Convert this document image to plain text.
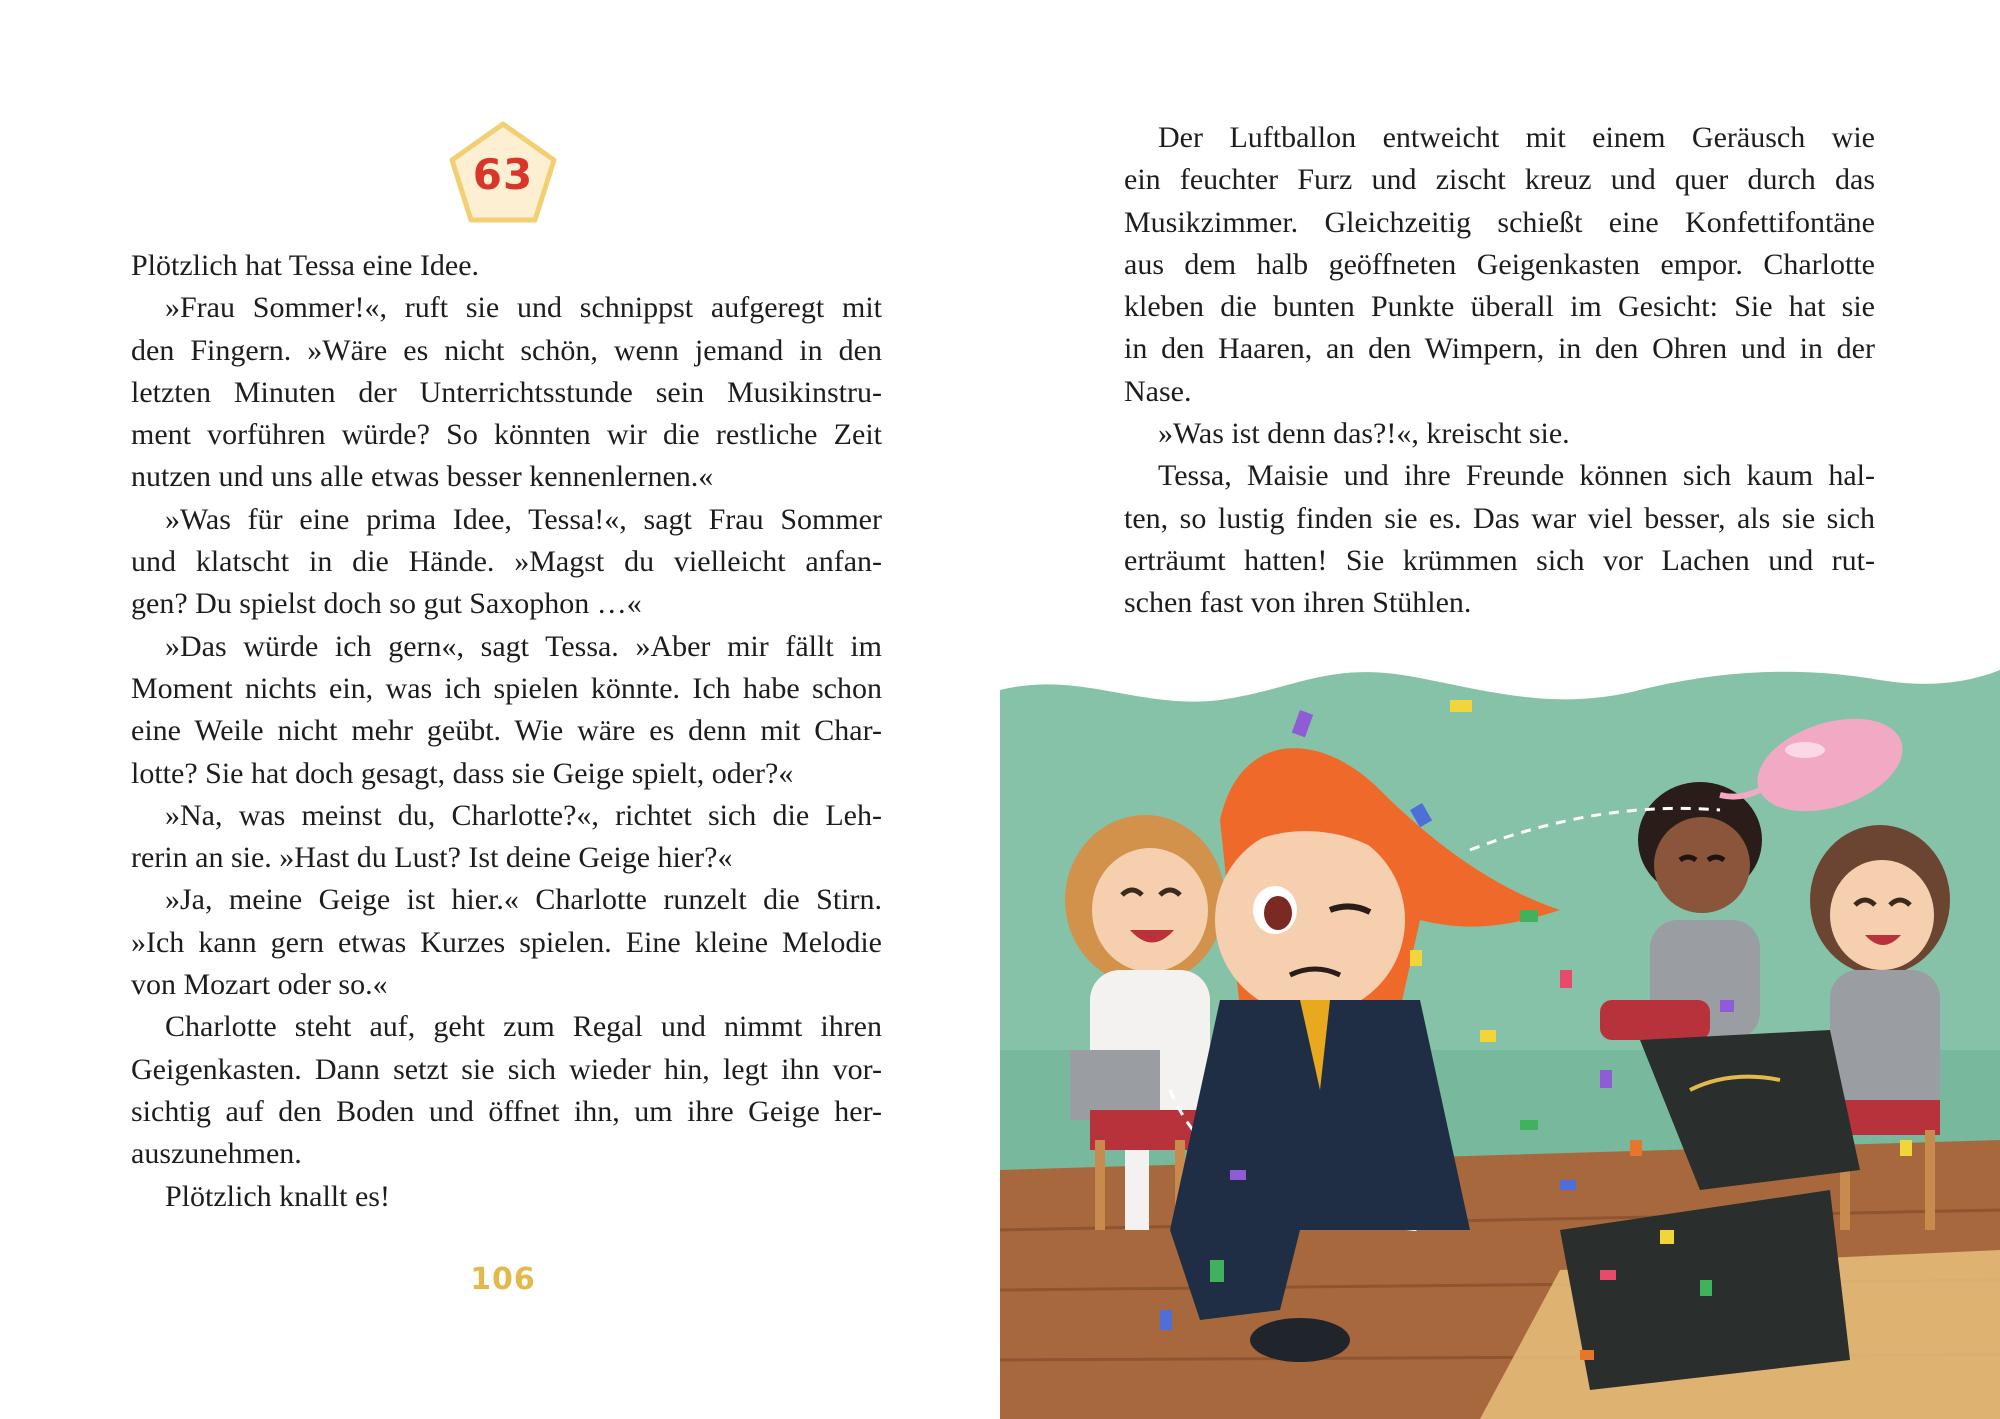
63
Plötzlich hat Tessa eine Idee.
»Frau Sommer!«, ruft sie und schnippst aufgeregt mit
den Fingern. »Wäre es nicht schön, wenn jemand in den
letzten Minuten der Unterrichtsstunde sein Musikinstru-
ment vorführen würde? So könnten wir die restliche Zeit
nutzen und uns alle etwas besser kennenlernen.«
»Was für eine prima Idee, Tessa!«, sagt Frau Sommer
und klatscht in die Hände. »Magst du vielleicht anfan-
gen? Du spielst doch so gut Saxophon …«
»Das würde ich gern«, sagt Tessa. »Aber mir fällt im
Moment nichts ein, was ich spielen könnte. Ich habe schon
eine Weile nicht mehr geübt. Wie wäre es denn mit Char-
lotte? Sie hat doch gesagt, dass sie Geige spielt, oder?«
»Na, was meinst du, Charlotte?«, richtet sich die Leh-
rerin an sie. »Hast du Lust? Ist deine Geige hier?«
»Ja, meine Geige ist hier.« Charlotte runzelt die Stirn.
»Ich kann gern etwas Kurzes spielen. Eine kleine Melodie
von Mozart oder so.«
Charlotte steht auf, geht zum Regal und nimmt ihren
Geigenkasten. Dann setzt sie sich wieder hin, legt ihn vor-
sichtig auf den Boden und öffnet ihn, um ihre Geige her-
auszunehmen.
Plötzlich knallt es!
106
Der Luftballon entweicht mit einem Geräusch wie
ein feuchter Furz und zischt kreuz und quer durch das
Musikzimmer. Gleichzeitig schießt eine Konfettifontäne
aus dem halb geöffneten Geigenkasten empor. Charlotte
kleben die bunten Punkte überall im Gesicht: Sie hat sie
in den Haaren, an den Wimpern, in den Ohren und in der
Nase.
»Was ist denn das?!«, kreischt sie.
Tessa, Maisie und ihre Freunde können sich kaum hal-
ten, so lustig finden sie es. Das war viel besser, als sie sich
erträumt hatten! Sie krümmen sich vor Lachen und rut-
schen fast von ihren Stühlen.
